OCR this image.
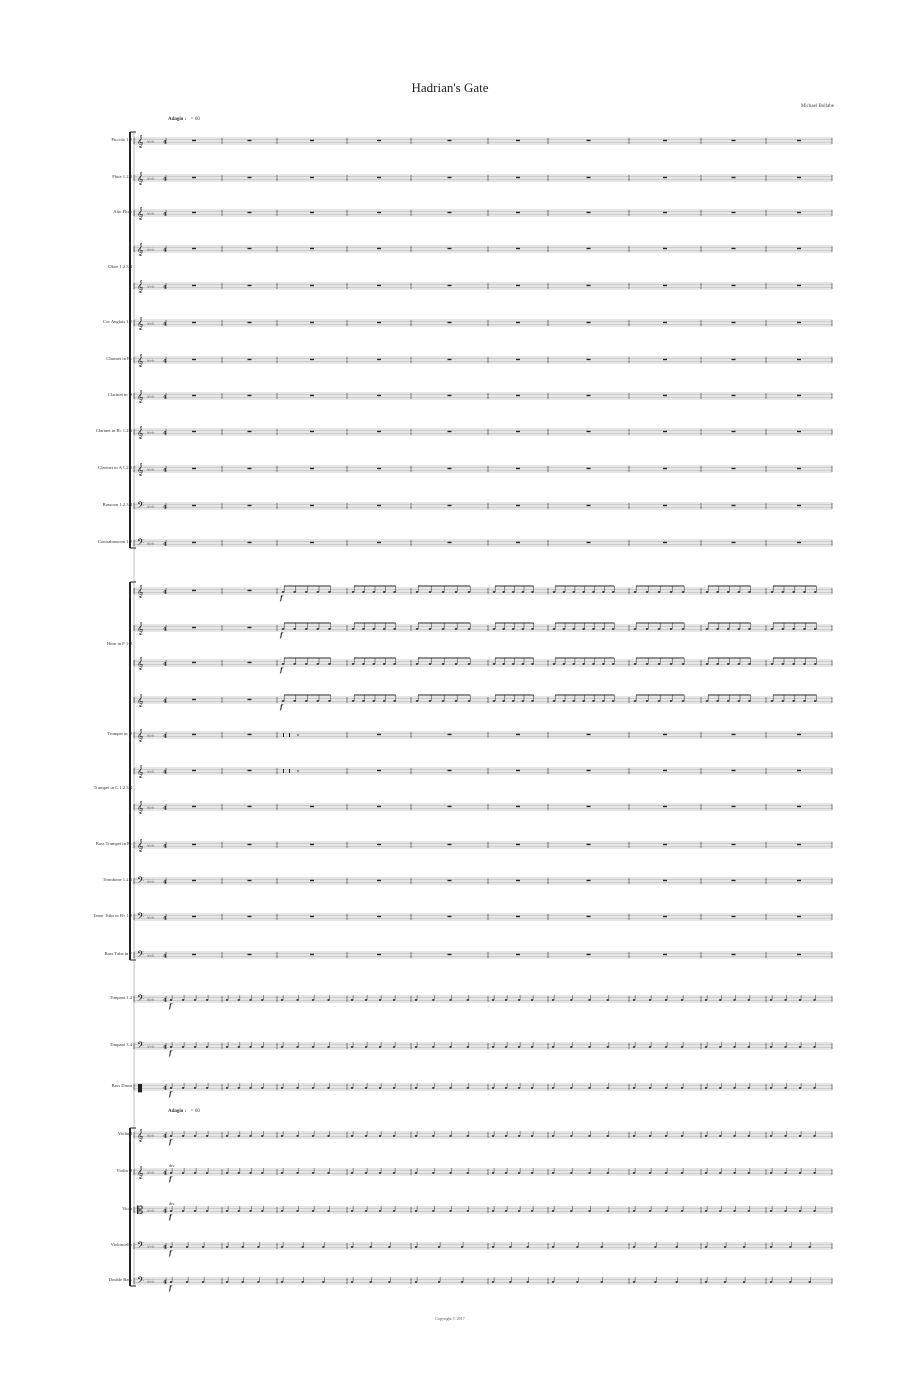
Hadrian's Gate
Michael Bollabe
Adagio ♩ = 60
Adagio ♩ = 60
Piccolo 1.2
Flute 1.2.3
Alto Flute
Oboe 1.2.3.4
Cor Anglais 1.2
Clarinet in E♭
Clarinet in D
Clarinet in B♭ 1.2.3
Clarinet in A 1.2.3
Bassoon 1.2.3.4
Contrabassoon 1.2
Horn in F 1-8
Trumpet in D
Trumpet in C 1.2.3.4
Bass Trumpet in E♭
Trombone 1.2.3
Tenor Tuba in B♭ 1.2
Bass Tuba in F
Timpani 1.2
Timpani 3.4
Bass Drum
Violin I
Violin II
Viola
Violoncello
Double Bass
𝄞 ♭♭♭ 4
𝄞 ♭♭♭ 4
𝄞 ♭♭♭ 4
𝄞 ♭♭♭ 4
𝄞 ♭♭♭ 4
𝄞 ♭♭♭ 4
𝄞 ♭♭♭ 4
𝄞 ♭♭♭ 4
𝄞 ♭♭♭ 4
𝄞 ♭♭♭ 4
𝄢 ♭♭♭ 4
𝄢 ♭♭♭ 4
𝄞	4
f
𝄞	4
f
𝄞	4
f
𝄞	4
f
𝄞 ♭♭♭ 4
𝄞 ♭♭♭ 4
𝄞 ♭♭♭ 4
𝄞 ♭♭♭ 4
𝄢 ♭♭♭ 4
𝄢 ♭♭♭ 4
𝄢 ♭♭♭ 4
𝄢 ♭♭♭ 4
f
𝄢 ♭♭♭ 4
f
▮	4
f
𝄞 ♭♭♭ 4
f
𝄞 ♭♭♭ 4
f
div.
𝄡 ♭♭♭ 4
f
div.
𝄢 ♭♭♭ 4
f
𝄢 ♭♭♭ 4
f
Copyright © 2017
